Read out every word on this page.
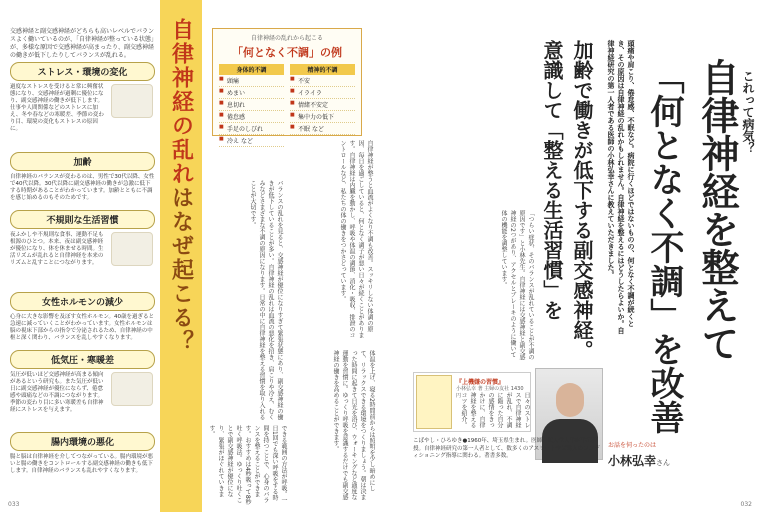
交感神経と副交感神経がどちらも高いレベルでバランスよく働いているのが、「自律神経が整っている状態」が、多様な原因で交感神経が高まったり、副交感神経の働きが低下したりしてバランスが乱れる。

ストレス・環境の変化

過度なストレスを受けると常に興奮状態になり、交感神経が過剰に優位になり、副交感神経の働きが低下します。仕事や人間関係などのストレスに加え、冬や春などの寒暖差、季節の変わり目、環境の変化もストレスの原因に。

加齢

自律神経のバランスが変わるのは、男性で30代以降、女性で40代以降。30代以降に副交感神経の働きが急激に低下する時期があることがわかっています。加齢とともに不調を感じ始めるのもそのためです。

不規則な生活習慣

夜ふかしや不規則な食事、運動不足も根源のひとつ。本来、夜は副交感神経が優位になり、体を休ませる時間。生活リズムが乱れると自律神経を本来のリズムと乱すことにつながります。

女性ホルモンの減少

心身に大きな影響を及ぼす女性ホルモン。40歳を過ぎると急速に減っていくことがわかっています。女性ホルモンは脳の視床下部からの指令で分泌されるため、自律神経の中枢と深く関わり、バランスを乱しやすくなります。

低気圧・寒暖差

気圧が低いほど交感神経が高まる傾向があるという研究も。また気圧が低い日に副交感神経が優位にならず、倦怠感や頭痛などの不調につながります。季節の変わり目に多い寒暖差も自律神経にストレスを与えます。

腸内環境の悪化

腸と脳は自律神経を介してつながっている。腸内環境が悪いと腸の働きをコントロールする副交感神経の働きも低下します。自律神経のバランスも乱れやすくなります。

自律神経の乱れ
はなぜ起こる？
自律神経の乱れから起こる
「何となく不調」の例
身体的不調
■ 頭痛
■ めまい
■ 息切れ
■ 倦怠感
■ 手足のしびれ
■ 冷え など
精神的不調
■ 不安
■ イライラ
■ 情緒不安定
■ 集中力の低下
■ 不眠 など

自律神経が整うと血流がよくなり不調も改善。スッキリしない体調の原因、毎日を過ごしていると、何となく調子が悪い日々が続くことがあります。自律神経は内臓を動かし、呼吸や体温の調節、消化・吸収、排泄のコントロールなど、私たちの体の働きをつかさどっています。

バランスの乱れを見ると、交感神経が優位になりすぎて緊張状態にあり、副交感神経の働きが低下していることが多い。自律神経の乱れは血流の悪化を招き、肩こりや冷え、むくみなどさまざまな不調の原因になります。日常の中に自律神経を整える習慣を取り入れることが大切です。

体温を上げ、寝る2時間前からは照明を少し暗めにして、リラックスできる環境をつくりましょう。朝は決まった時間に起きて日光を浴び、ウォーキングなど適度な運動を習慣に。ゆっくり呼吸を意識するだけでも副交感神経の働きを高めることができます。

できる範囲の方法が呼吸。一日1回でも深い呼吸をする時間を持つことで、心身のバランスを整えることができます。おすすめは4秒吸って8秒吐く呼吸法。ゆっくり吐くことで副交感神経が優位になり、緊張がほぐれていきます。

033
これって病気？
自律神経を整えて
「何となく不調」を改善
頭痛や肩こり、倦怠感、不眠など。病院に行くほどではないものの、何となく不調が続くとき、その原因は自律神経の乱れかもしれません。自律神経を整えるにはどうしたらよいか。自律神経研究の第一人者である医師の小林弘幸さんに教えていただきました。
加齢で働きが低下する副交感神経。
意識して「整える生活習慣」を

「つらい症状、そのバランスが乱れていることが不調の原因です」と小林先生。自律神経には交感神経と副交感神経の2つがあり、アクセルとブレーキのように働いて体の機能を調整しています。

『上機嫌の習慣』
小林弘幸 著 主婦の友社 1430円	日々のストレスで自律神経が乱れ、不調に陥った自分の感情をきっかけに、自律神経を整えるコツを紹介。

こばやし・ひろゆき●1960年、埼玉県生まれ。医師。順天堂大学医学部教授。自律神経研究の第一人者として、数多くのアスリートや芸能人のコンディショニング指導に関わる。著書多数。

お話を伺ったのは
小林弘幸さん
032
